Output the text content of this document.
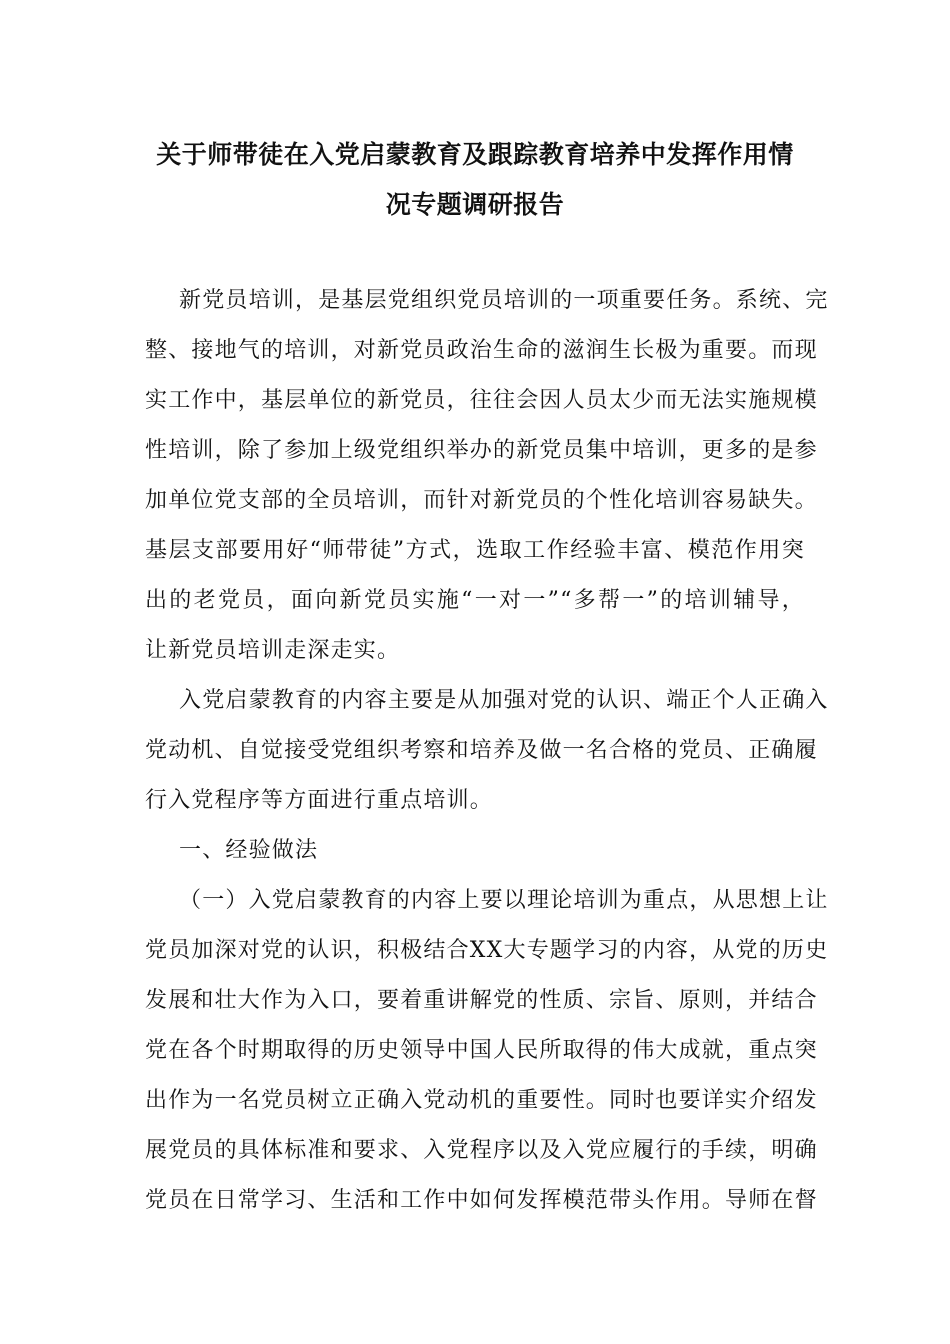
关于师带徒在入党启蒙教育及跟踪教育培养中发挥作用情
况专题调研报告
新党员培训，是基层党组织党员培训的一项重要任务。系统、完
整、接地气的培训，对新党员政治生命的滋润生长极为重要。而现
实工作中，基层单位的新党员，往往会因人员太少而无法实施规模
性培训，除了参加上级党组织举办的新党员集中培训，更多的是参
加单位党支部的全员培训，而针对新党员的个性化培训容易缺失。
基层支部要用好“师带徒”方式，选取工作经验丰富、模范作用突
出的老党员，面向新党员实施“一对一”“多帮一”的培训辅导，
让新党员培训走深走实。
入党启蒙教育的内容主要是从加强对党的认识、端正个人正确入
党动机、自觉接受党组织考察和培养及做一名合格的党员、正确履
行入党程序等方面进行重点培训。
一、经验做法
（一）入党启蒙教育的内容上要以理论培训为重点，从思想上让
党员加深对党的认识，积极结合XX大专题学习的内容，从党的历史
发展和壮大作为入口，要着重讲解党的性质、宗旨、原则，并结合
党在各个时期取得的历史领导中国人民所取得的伟大成就，重点突
出作为一名党员树立正确入党动机的重要性。同时也要详实介绍发
展党员的具体标准和要求、入党程序以及入党应履行的手续，明确
党员在日常学习、生活和工作中如何发挥模范带头作用。导师在督
